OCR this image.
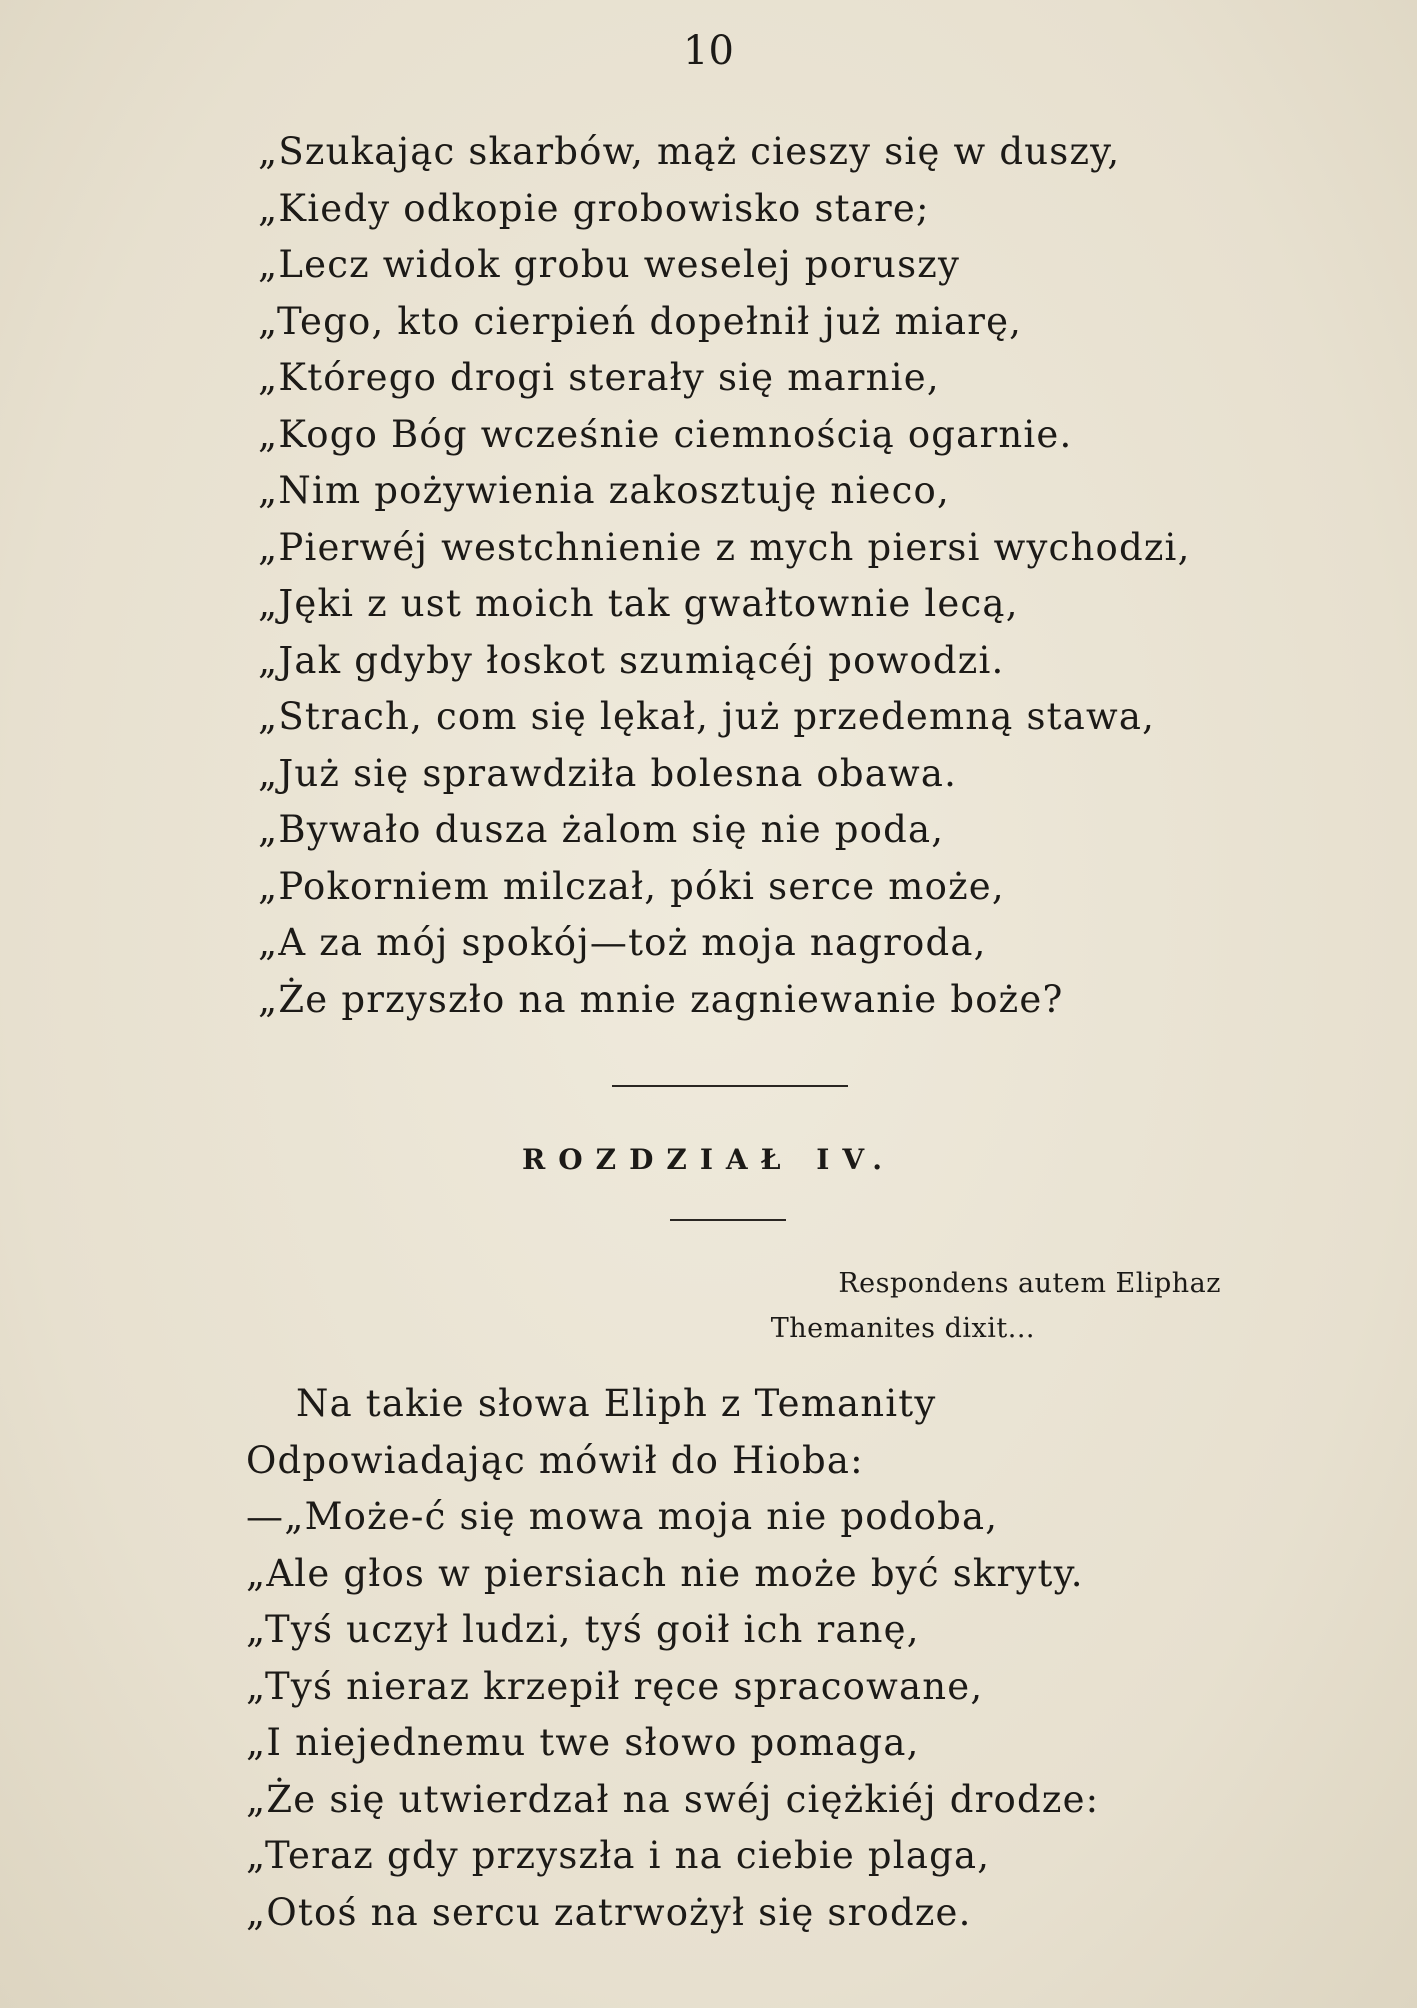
10
„Szukając skarbów, mąż cieszy się w duszy,
„Kiedy odkopie grobowisko stare;
„Lecz widok grobu weselej poruszy
„Tego, kto cierpień dopełnił już miarę,
„Którego drogi sterały się marnie,
„Kogo Bóg wcześnie ciemnością ogarnie.
„Nim pożywienia zakosztuję nieco,
„Pierwéj westchnienie z mych piersi wychodzi,
„Jęki z ust moich tak gwałtownie lecą,
„Jak gdyby łoskot szumiącéj powodzi.
„Strach, com się lękał, już przedemną stawa,
„Już się sprawdziła bolesna obawa.
„Bywało dusza żalom się nie poda,
„Pokorniem milczał, póki serce może,
„A za mój spokój—toż moja nagroda,
„Że przyszło na mnie zagniewanie boże?
ROZDZIAŁ IV.
Respondens autem Eliphaz
Themanites dixit...
Na takie słowa Eliph z Temanity
Odpowiadając mówił do Hioba:
—„Może-ć się mowa moja nie podoba,
„Ale głos w piersiach nie może być skryty.
„Tyś uczył ludzi, tyś goił ich ranę,
„Tyś nieraz krzepił ręce spracowane,
„I niejednemu twe słowo pomaga,
„Że się utwierdzał na swéj ciężkiéj drodze:
„Teraz gdy przyszła i na ciebie plaga,
„Otoś na sercu zatrwożył się srodze.
